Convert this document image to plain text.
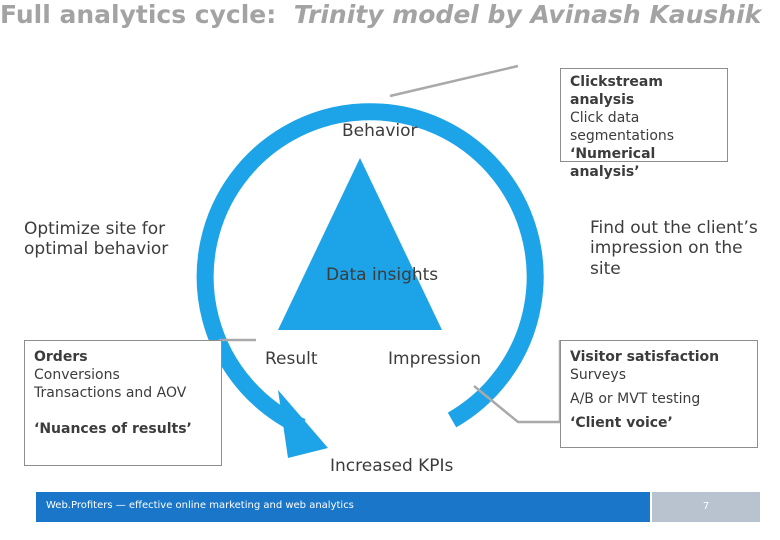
Full analytics cycle: Trinity model by Avinash Kaushik
Behavior
Data insights
Result	Impression
Increased KPIs
Optimize site for optimal behavior
Find out the client’s impression on the site
Clickstream analysis
Click data
segmentations
‘Numerical analysis’
Orders
Conversions
Transactions and AOV
‘Nuances of results’
Visitor satisfaction
Surveys
A/B or MVT testing
‘Client voice’
Web.Profiters — effective online marketing and web analytics	7
